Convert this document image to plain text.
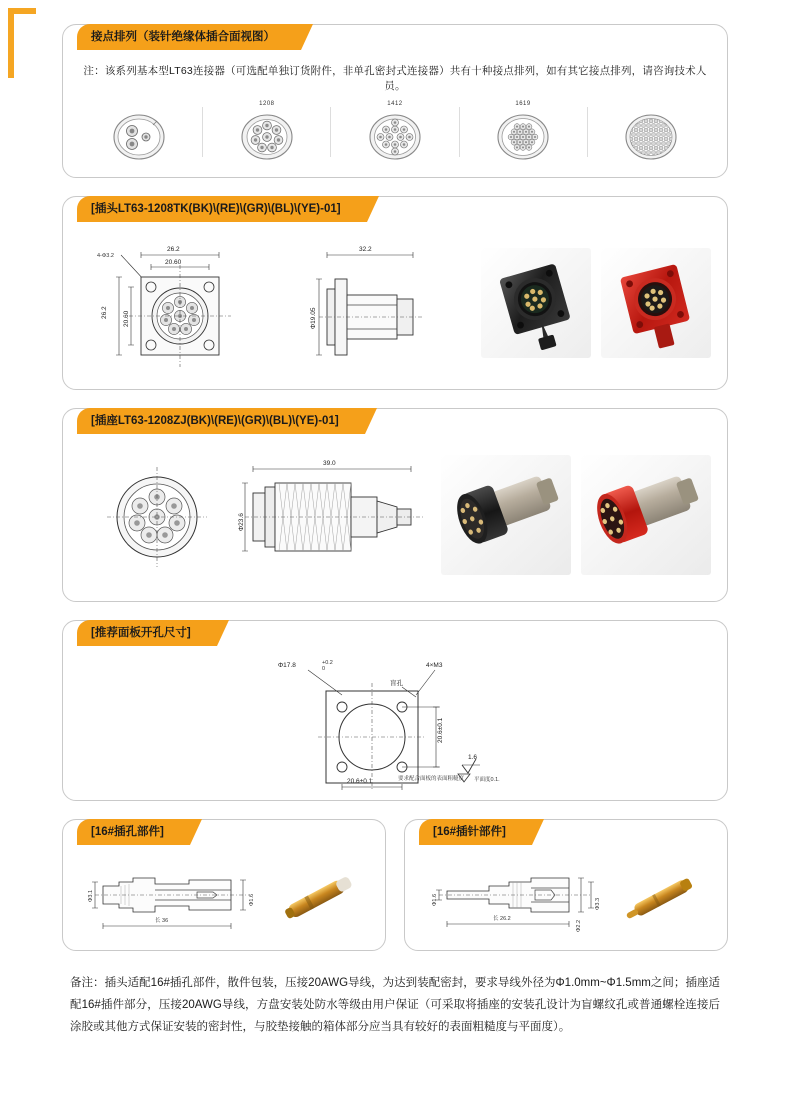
接点排列（装针绝缘体插合面视图）
注：该系列基本型LT63连接器（可选配单独订货附件，非单孔密封式连接器）共有十种接点排列，如有其它接点排列，请咨询技术人员。
1208	1412	1619
[插头LT63-1208TK(BK)\(RE)\(GR)\(BL)\(YE)-01]
26.2
20.60
4-Φ3.2
26.2 20.60
32.2
Φ19.05
[插座LT63-1208ZJ(BK)\(RE)\(GR)\(BL)\(YE)-01]
39.0
Φ23.6
[推荐面板开孔尺寸]
Φ17.8	+0.2
0	4×M3
盲孔
20.6±0.1
20.6±0.1
1.6
要求配合面板的表面粗糙度 平面度0.1.
[16#插孔部件]
Φ3.1	Φ1.6
长 36
[16#插针部件]
Φ1.6
Φ2.2
Φ3.3
长 26.2
备注：插头适配16#插孔部件，散件包装，压接20AWG导线，为达到装配密封，要求导线外径为Φ1.0mm~Φ1.5mm之间；插座适配16#插件部分，压接20AWG导线，方盘安装处防水等级由用户保证（可采取将插座的安装孔设计为盲螺纹孔或普通螺栓连接后涂胶或其他方式保证安装的密封性，与胶垫接触的箱体部分应当具有较好的表面粗糙度与平面度）。
